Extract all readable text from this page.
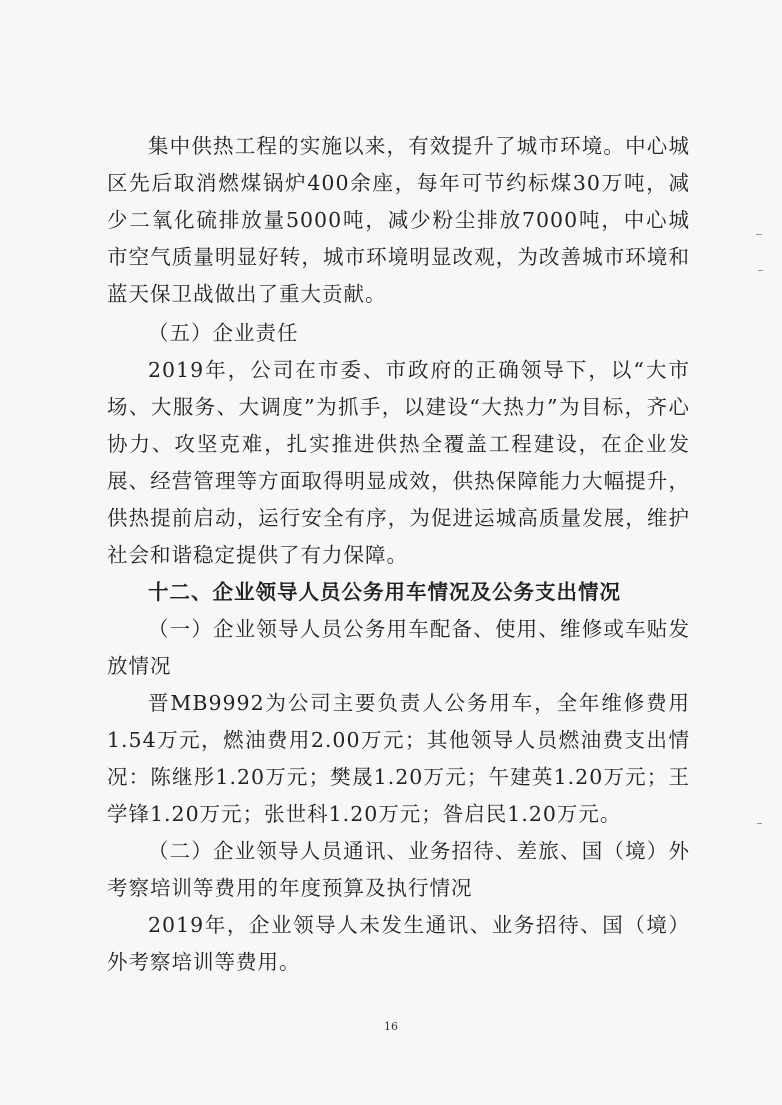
集中供热工程的实施以来，有效提升了城市环境。中心城区先后取消燃煤锅炉400余座，每年可节约标煤30万吨，减少二氧化硫排放量5000吨，减少粉尘排放7000吨，中心城市空气质量明显好转，城市环境明显改观，为改善城市环境和蓝天保卫战做出了重大贡献。

（五）企业责任

2019年，公司在市委、市政府的正确领导下，以“大市场、大服务、大调度”为抓手，以建设“大热力”为目标，齐心协力、攻坚克难，扎实推进供热全覆盖工程建设，在企业发展、经营管理等方面取得明显成效，供热保障能力大幅提升，供热提前启动，运行安全有序，为促进运城高质量发展，维护社会和谐稳定提供了有力保障。

十二、企业领导人员公务用车情况及公务支出情况

（一）企业领导人员公务用车配备、使用、维修或车贴发放情况

晋MB9992为公司主要负责人公务用车，全年维修费用1.54万元，燃油费用2.00万元；其他领导人员燃油费支出情况：陈继彤1.20万元；樊晟1.20万元；午建英1.20万元；王学锋1.20万元；张世科1.20万元；昝启民1.20万元。

（二）企业领导人员通讯、业务招待、差旅、国（境）外考察培训等费用的年度预算及执行情况

2019年，企业领导人未发生通讯、业务招待、国（境）外考察培训等费用。

16
